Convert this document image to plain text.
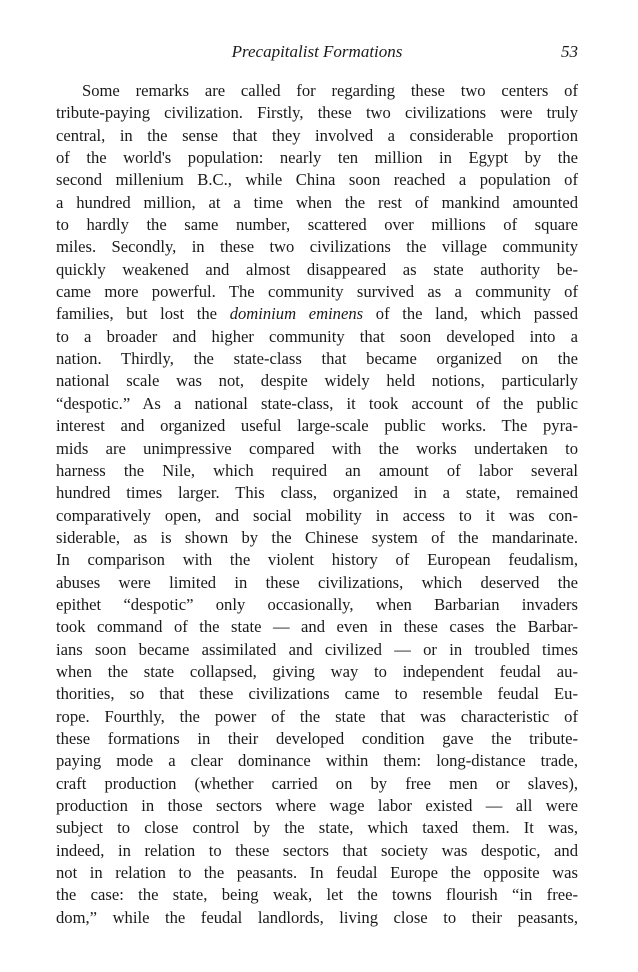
Precapitalist Formations	53
Some remarks are called for regarding these two centers of
tribute-paying civilization. Firstly, these two civilizations were truly
central, in the sense that they involved a considerable proportion
of the world's population: nearly ten million in Egypt by the
second millenium B.C., while China soon reached a population of
a hundred million, at a time when the rest of mankind amounted
to hardly the same number, scattered over millions of square
miles. Secondly, in these two civilizations the village community
quickly weakened and almost disappeared as state authority be-
came more powerful. The community survived as a community of
families, but lost the dominium eminens of the land, which passed
to a broader and higher community that soon developed into a
nation. Thirdly, the state-class that became organized on the
national scale was not, despite widely held notions, particularly
“despotic.” As a national state-class, it took account of the public
interest and organized useful large-scale public works. The pyra-
mids are unimpressive compared with the works undertaken to
harness the Nile, which required an amount of labor several
hundred times larger. This class, organized in a state, remained
comparatively open, and social mobility in access to it was con-
siderable, as is shown by the Chinese system of the mandarinate.
In comparison with the violent history of European feudalism,
abuses were limited in these civilizations, which deserved the
epithet “despotic” only occasionally, when Barbarian invaders
took command of the state — and even in these cases the Barbar-
ians soon became assimilated and civilized — or in troubled times
when the state collapsed, giving way to independent feudal au-
thorities, so that these civilizations came to resemble feudal Eu-
rope. Fourthly, the power of the state that was characteristic of
these formations in their developed condition gave the tribute-
paying mode a clear dominance within them: long-distance trade,
craft production (whether carried on by free men or slaves),
production in those sectors where wage labor existed — all were
subject to close control by the state, which taxed them. It was,
indeed, in relation to these sectors that society was despotic, and
not in relation to the peasants. In feudal Europe the opposite was
the case: the state, being weak, let the towns flourish “in free-
dom,” while the feudal landlords, living close to their peasants,
